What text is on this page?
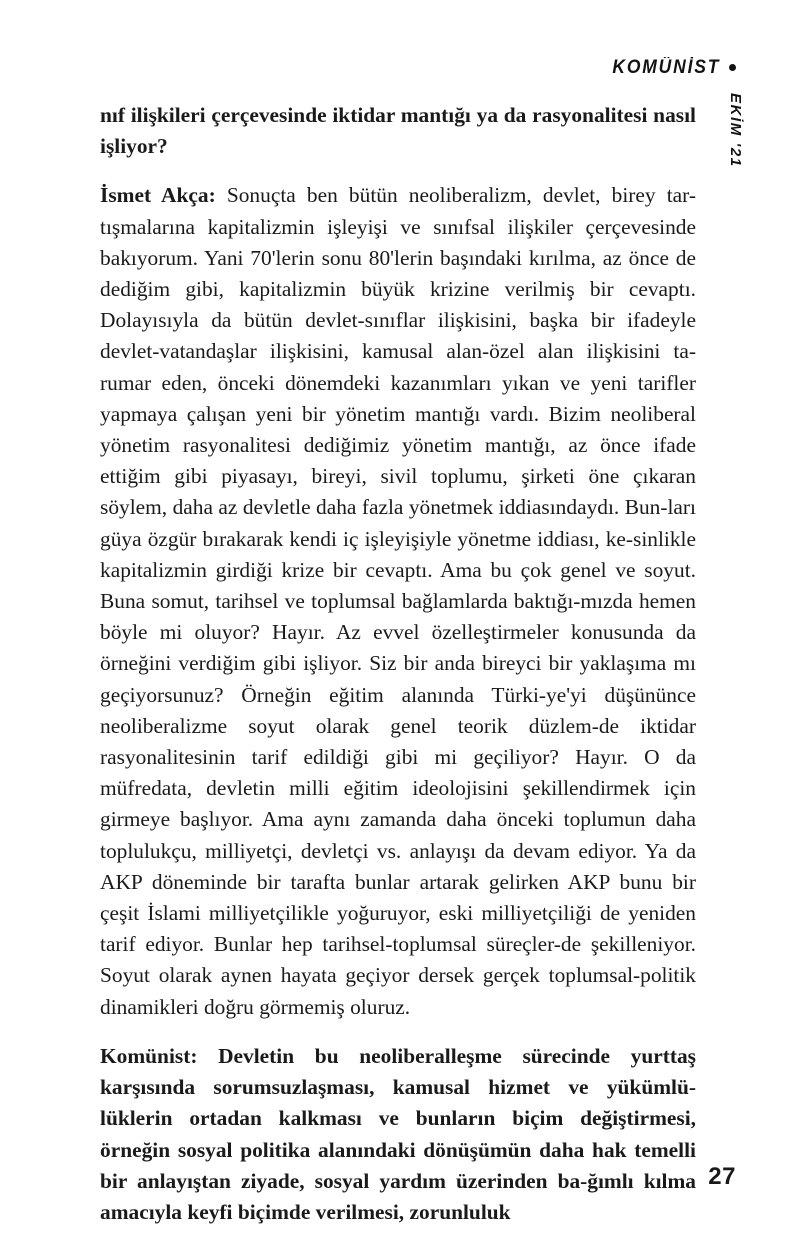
KOMÜNİST
EKİM '21

nıf ilişkileri çerçevesinde iktidar mantığı ya da rasyonalitesi nasıl işliyor?

İsmet Akça: Sonuçta ben bütün neoliberalizm, devlet, birey tar-​tışmalarına kapitalizmin işleyişi ve sınıfsal ilişkiler çerçevesinde bakıyorum. Yani 70'lerin sonu 80'lerin başındaki kırılma, az önce de dediğim gibi, kapitalizmin büyük krizine verilmiş bir cevaptı. Dolayısıyla da bütün devlet-​sınıflar ilişkisini, başka bir ifadeyle devlet-​vatandaşlar ilişkisini, kamusal alan-​özel alan ilişkisini ta-​rumar eden, önceki dönemdeki kazanımları yıkan ve yeni tarifler yapmaya çalışan yeni bir yönetim mantığı vardı. Bizim neoliberal yönetim rasyonalitesi dediğimiz yönetim mantığı, az önce ifade ettiğim gibi piyasayı, bireyi, sivil toplumu, şirketi öne çıkaran söylem, daha az devletle daha fazla yönetmek iddiasındaydı. Bun-​ları güya özgür bırakarak kendi iç işleyişiyle yönetme iddiası, ke-​sinlikle kapitalizmin girdiği krize bir cevaptı. Ama bu çok genel ve soyut. Buna somut, tarihsel ve toplumsal bağlamlarda baktığı-​mızda hemen böyle mi oluyor? Hayır. Az evvel özelleştirmeler konusunda da örneğini verdiğim gibi işliyor. Siz bir anda bireyci bir yaklaşıma mı geçiyorsunuz? Örneğin eğitim alanında Türki-​ye'yi düşününce neoliberalizme soyut olarak genel teorik düzlem-​de iktidar rasyonalitesinin tarif edildiği gibi mi geçiliyor? Hayır. O da müfredata, devletin milli eğitim ideolojisini şekillendirmek için girmeye başlıyor. Ama aynı zamanda daha önceki toplumun daha toplulukçu, milliyetçi, devletçi vs. anlayışı da devam ediyor. Ya da AKP döneminde bir tarafta bunlar artarak gelirken AKP bunu bir çeşit İslami milliyetçilikle yoğuruyor, eski milliyetçiliği de yeniden tarif ediyor. Bunlar hep tarihsel-​toplumsal süreçler-​de şekilleniyor. Soyut olarak aynen hayata geçiyor dersek gerçek toplumsal-​politik dinamikleri doğru görmemiş oluruz.

Komünist: Devletin bu neoliberalleşme sürecinde yurttaş karşısında sorumsuzlaşması, kamusal hizmet ve yükümlü-​lüklerin ortadan kalkması ve bunların biçim değiştirmesi, örneğin sosyal politika alanındaki dönüşümün daha hak temelli bir anlayıştan ziyade, sosyal yardım üzerinden ba-​ğımlı kılma amacıyla keyfi biçimde verilmesi, zorunluluk

27
